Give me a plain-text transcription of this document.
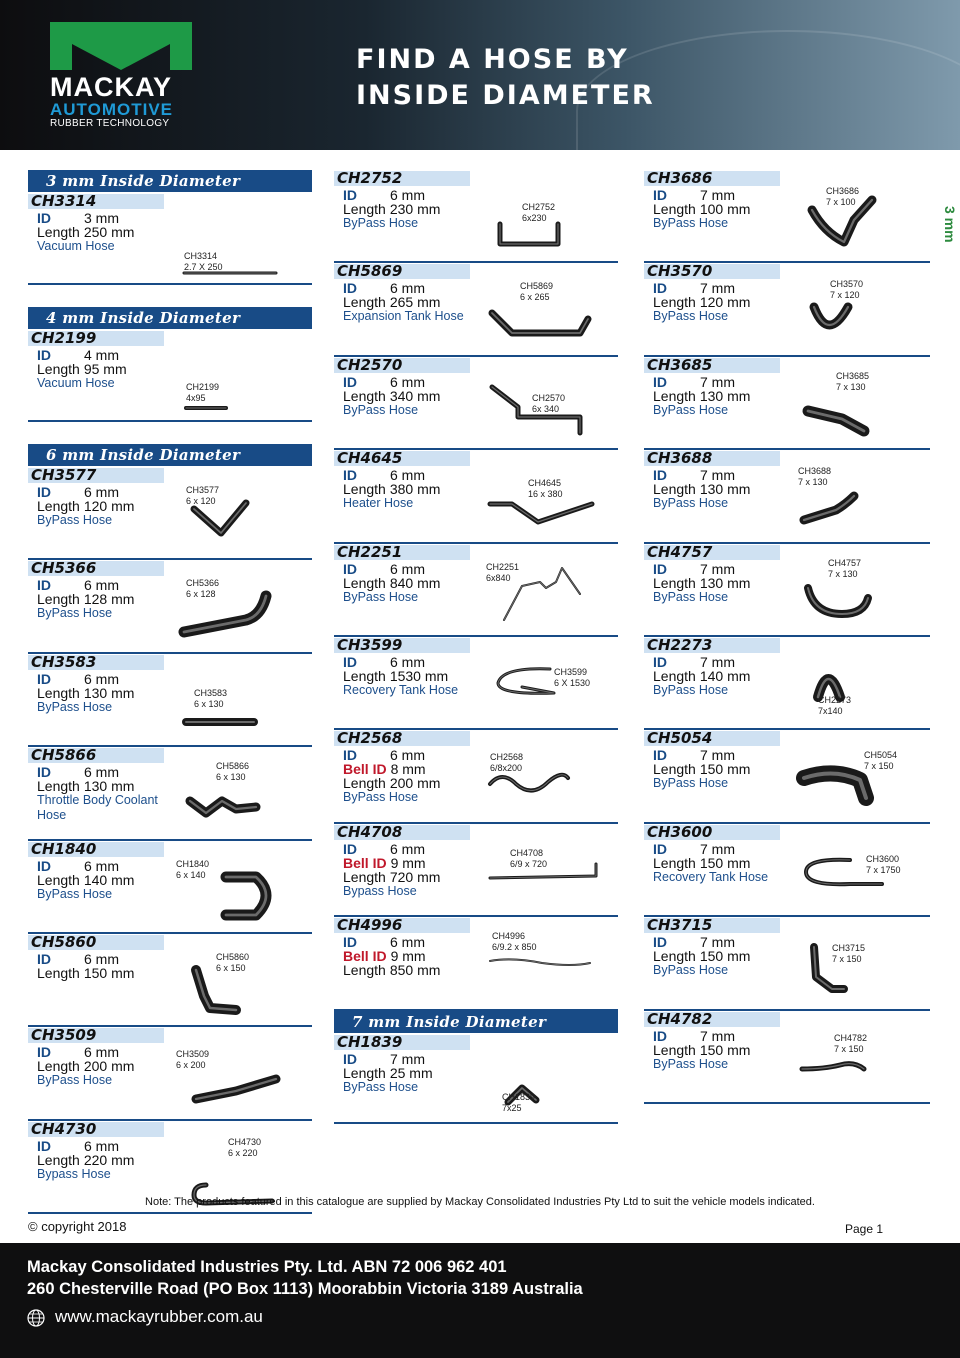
MACKAY
AUTOMOTIVE
RUBBER TECHNOLOGY
FIND A HOSE BY
INSIDE DIAMETER
3 mm
3 mm Inside Diameter
CH3314
ID 3 mm
Length 250 mm
Vacuum Hose
CH3314
2.7 X 250
4 mm Inside Diameter
CH2199
ID 4 mm
Length 95 mm
Vacuum Hose	CH2199
4x95
6 mm Inside Diameter
CH3577
ID 6 mm
Length 120 mm
ByPass Hose
CH3577
6 x 120
CH5366
ID 6 mm
Length 128 mm
ByPass Hose
CH5366
6 x 128
CH3583
ID 6 mm
Length 130 mm
ByPass Hose
CH3583
6 x 130
CH5866
ID 6 mm
Length 130 mm
Throttle Body Coolant Hose
CH5866
6 x 130
CH1840
ID 6 mm
Length 140 mm
ByPass Hose
CH1840
6 x 140
CH5860
ID 6 mm
Length 150 mm
CH5860
6 x 150
CH3509
ID 6 mm
Length 200 mm
ByPass Hose
CH3509
6 x 200
CH4730
ID 6 mm
Length 220 mm
Bypass Hose
CH4730
6 x 220
CH2752
ID 6 mm
Length 230 mm
ByPass Hose
CH2752
6x230
CH5869
ID 6 mm
Length 265 mm
Expansion Tank Hose
CH5869
6 x 265
CH2570
ID 6 mm
Length 340 mm
ByPass Hose
CH2570
6x 340
CH4645
ID 6 mm
Length 380 mm
Heater Hose
CH4645
16 x 380
CH2251
ID 6 mm
Length 840 mm
ByPass Hose
CH2251
6x840
CH3599
ID 6 mm
Length 1530 mm
Recovery Tank Hose
CH3599
6 X 1530
CH2568
ID 6 mm
Bell ID 8 mm
Length 200 mm
ByPass Hose
CH2568
6/8x200
CH4708
ID 6 mm
Bell ID 9 mm
Length 720 mm
Bypass Hose
CH4708
6/9 x 720
CH4996
ID 6 mm
Bell ID 9 mm
Length 850 mm
CH4996
6/9.2 x 850
7 mm Inside Diameter
CH1839
ID 7 mm
Length 25 mm
ByPass Hose
CH1839
7x25
CH3686
ID 7 mm
Length 100 mm
ByPass Hose
CH3686
7 x 100
CH3570
ID 7 mm
Length 120 mm
ByPass Hose
CH3570
7 x 120
CH3685
ID 7 mm
Length 130 mm
ByPass Hose
CH3685
7 x 130
CH3688
ID 7 mm
Length 130 mm
ByPass Hose
CH3688
7 x 130
CH4757
ID 7 mm
Length 130 mm
ByPass Hose
CH4757
7 x 130
CH2273
ID 7 mm
Length 140 mm
ByPass Hose
CH2273
7x140
CH5054
ID 7 mm
Length 150 mm
ByPass Hose
CH5054
7 x 150
CH3600
ID 7 mm
Length 150 mm
Recovery Tank Hose
CH3600
7 x 1750
CH3715
ID 7 mm
Length 150 mm
ByPass Hose
CH3715
7 x 150
CH4782
ID 7 mm
Length 150 mm
ByPass Hose
CH4782
7 x 150
Note: The products featured in this catalogue are supplied by Mackay Consolidated Industries Pty Ltd to suit the vehicle models indicated.
© copyright 2018	Page 1
Mackay Consolidated Industries Pty. Ltd. ABN 72 006 962 401
260 Chesterville Road (PO Box 1113) Moorabbin Victoria 3189 Australia
www.mackayrubber.com.au
